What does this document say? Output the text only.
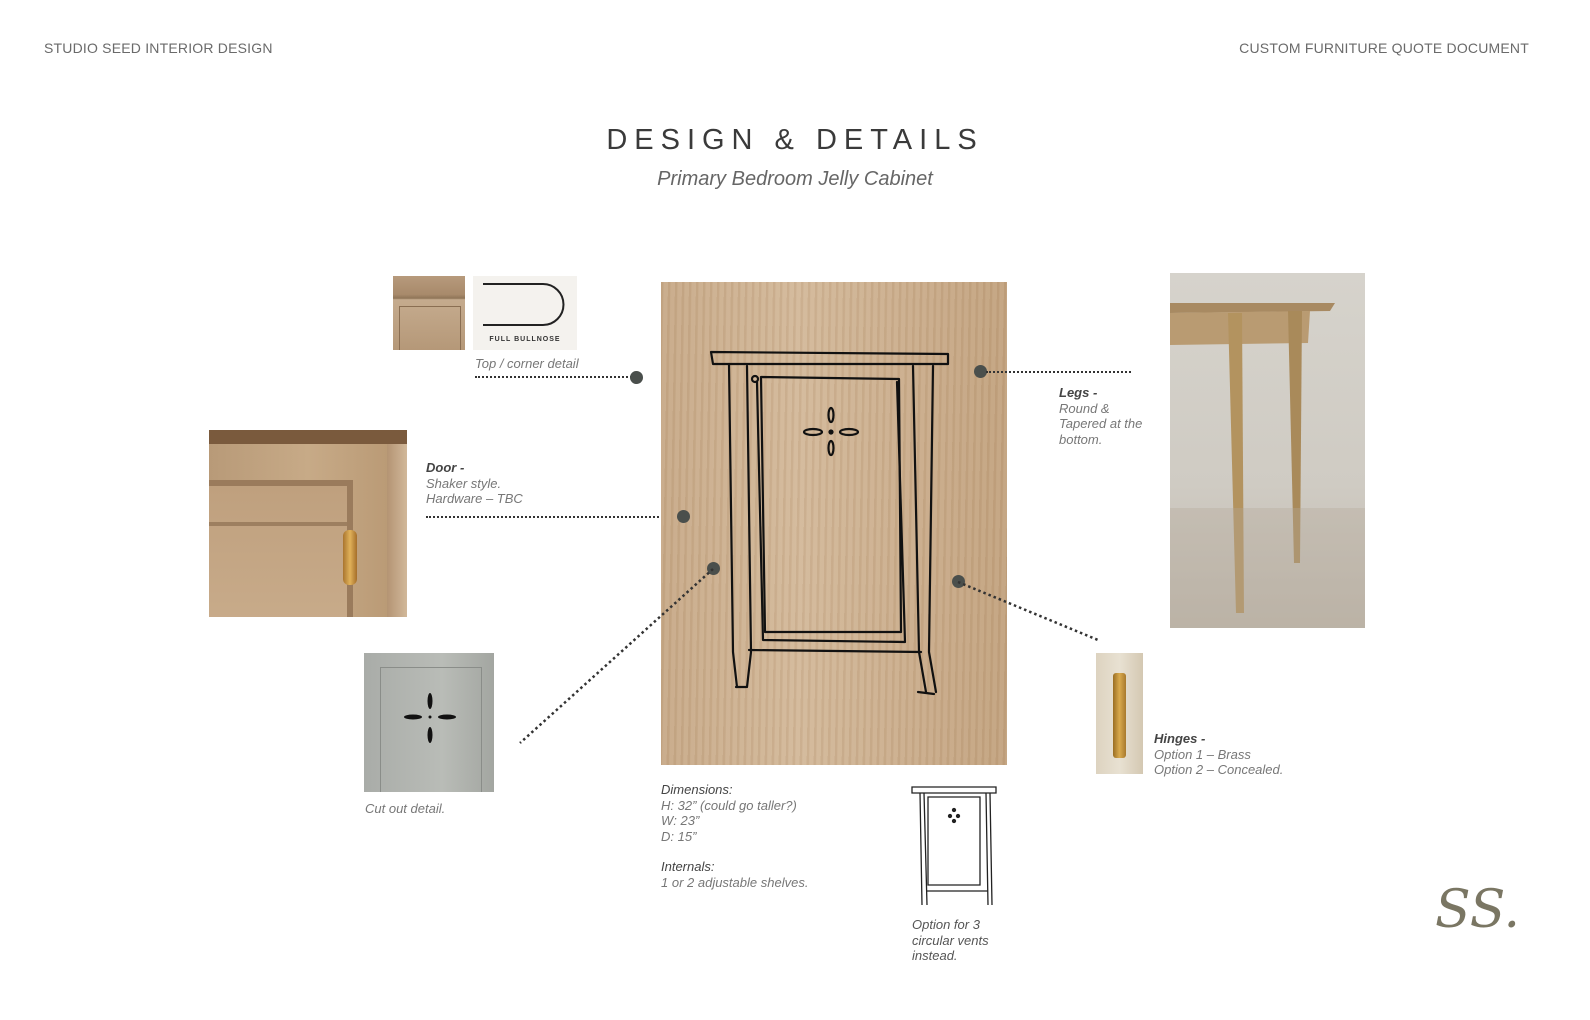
STUDIO SEED INTERIOR DESIGN	CUSTOM FURNITURE QUOTE DOCUMENT
DESIGN & DETAILS
Primary Bedroom Jelly Cabinet
FULL BULLNOSE
Top / corner detail
Door -
Shaker style.
Hardware – TBC
Cut out detail.
Dimensions:
H: 32” (could go taller?)
W: 23”
D: 15”
Internals:
1 or 2 adjustable shelves.
Option for 3
circular vents
instead.
Legs -
Round &
Tapered at the
bottom.
Hinges -
Option 1 – Brass
Option 2 – Concealed.
SS.
